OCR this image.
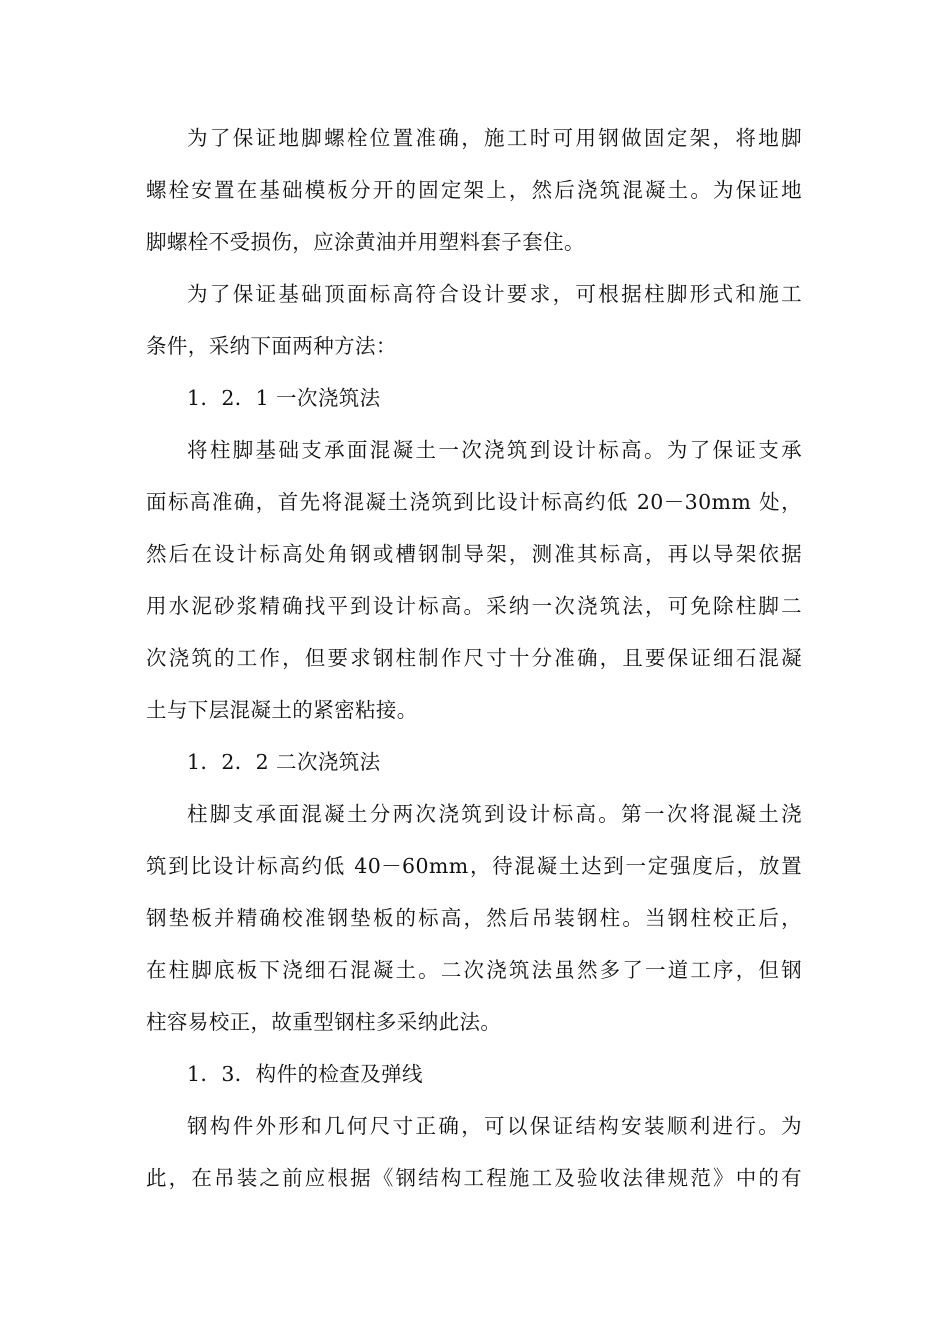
为了保证地脚螺栓位置准确，施工时可用钢做固定架，将地脚
螺栓安置在基础模板分开的固定架上，然后浇筑混凝土。为保证地
脚螺栓不受损伤，应涂黄油并用塑料套子套住。

为了保证基础顶面标高符合设计要求，可根据柱脚形式和施工
条件，采纳下面两种方法：

1．2．1 一次浇筑法

将柱脚基础支承面混凝土一次浇筑到设计标高。为了保证支承
面标高准确，首先将混凝土浇筑到比设计标高约低 20－30mm 处，
然后在设计标高处角钢或槽钢制导架，测准其标高，再以导架依据
用水泥砂浆精确找平到设计标高。采纳一次浇筑法，可免除柱脚二
次浇筑的工作，但要求钢柱制作尺寸十分准确，且要保证细石混凝
土与下层混凝土的紧密粘接。

1．2．2 二次浇筑法

柱脚支承面混凝土分两次浇筑到设计标高。第一次将混凝土浇
筑到比设计标高约低 40－60mm，待混凝土达到一定强度后，放置
钢垫板并精确校准钢垫板的标高，然后吊装钢柱。当钢柱校正后，
在柱脚底板下浇细石混凝土。二次浇筑法虽然多了一道工序，但钢
柱容易校正，故重型钢柱多采纳此法。

1．3．构件的检查及弹线

钢构件外形和几何尺寸正确，可以保证结构安装顺利进行。为
此，在吊装之前应根据《钢结构工程施工及验收法律规范》中的有
